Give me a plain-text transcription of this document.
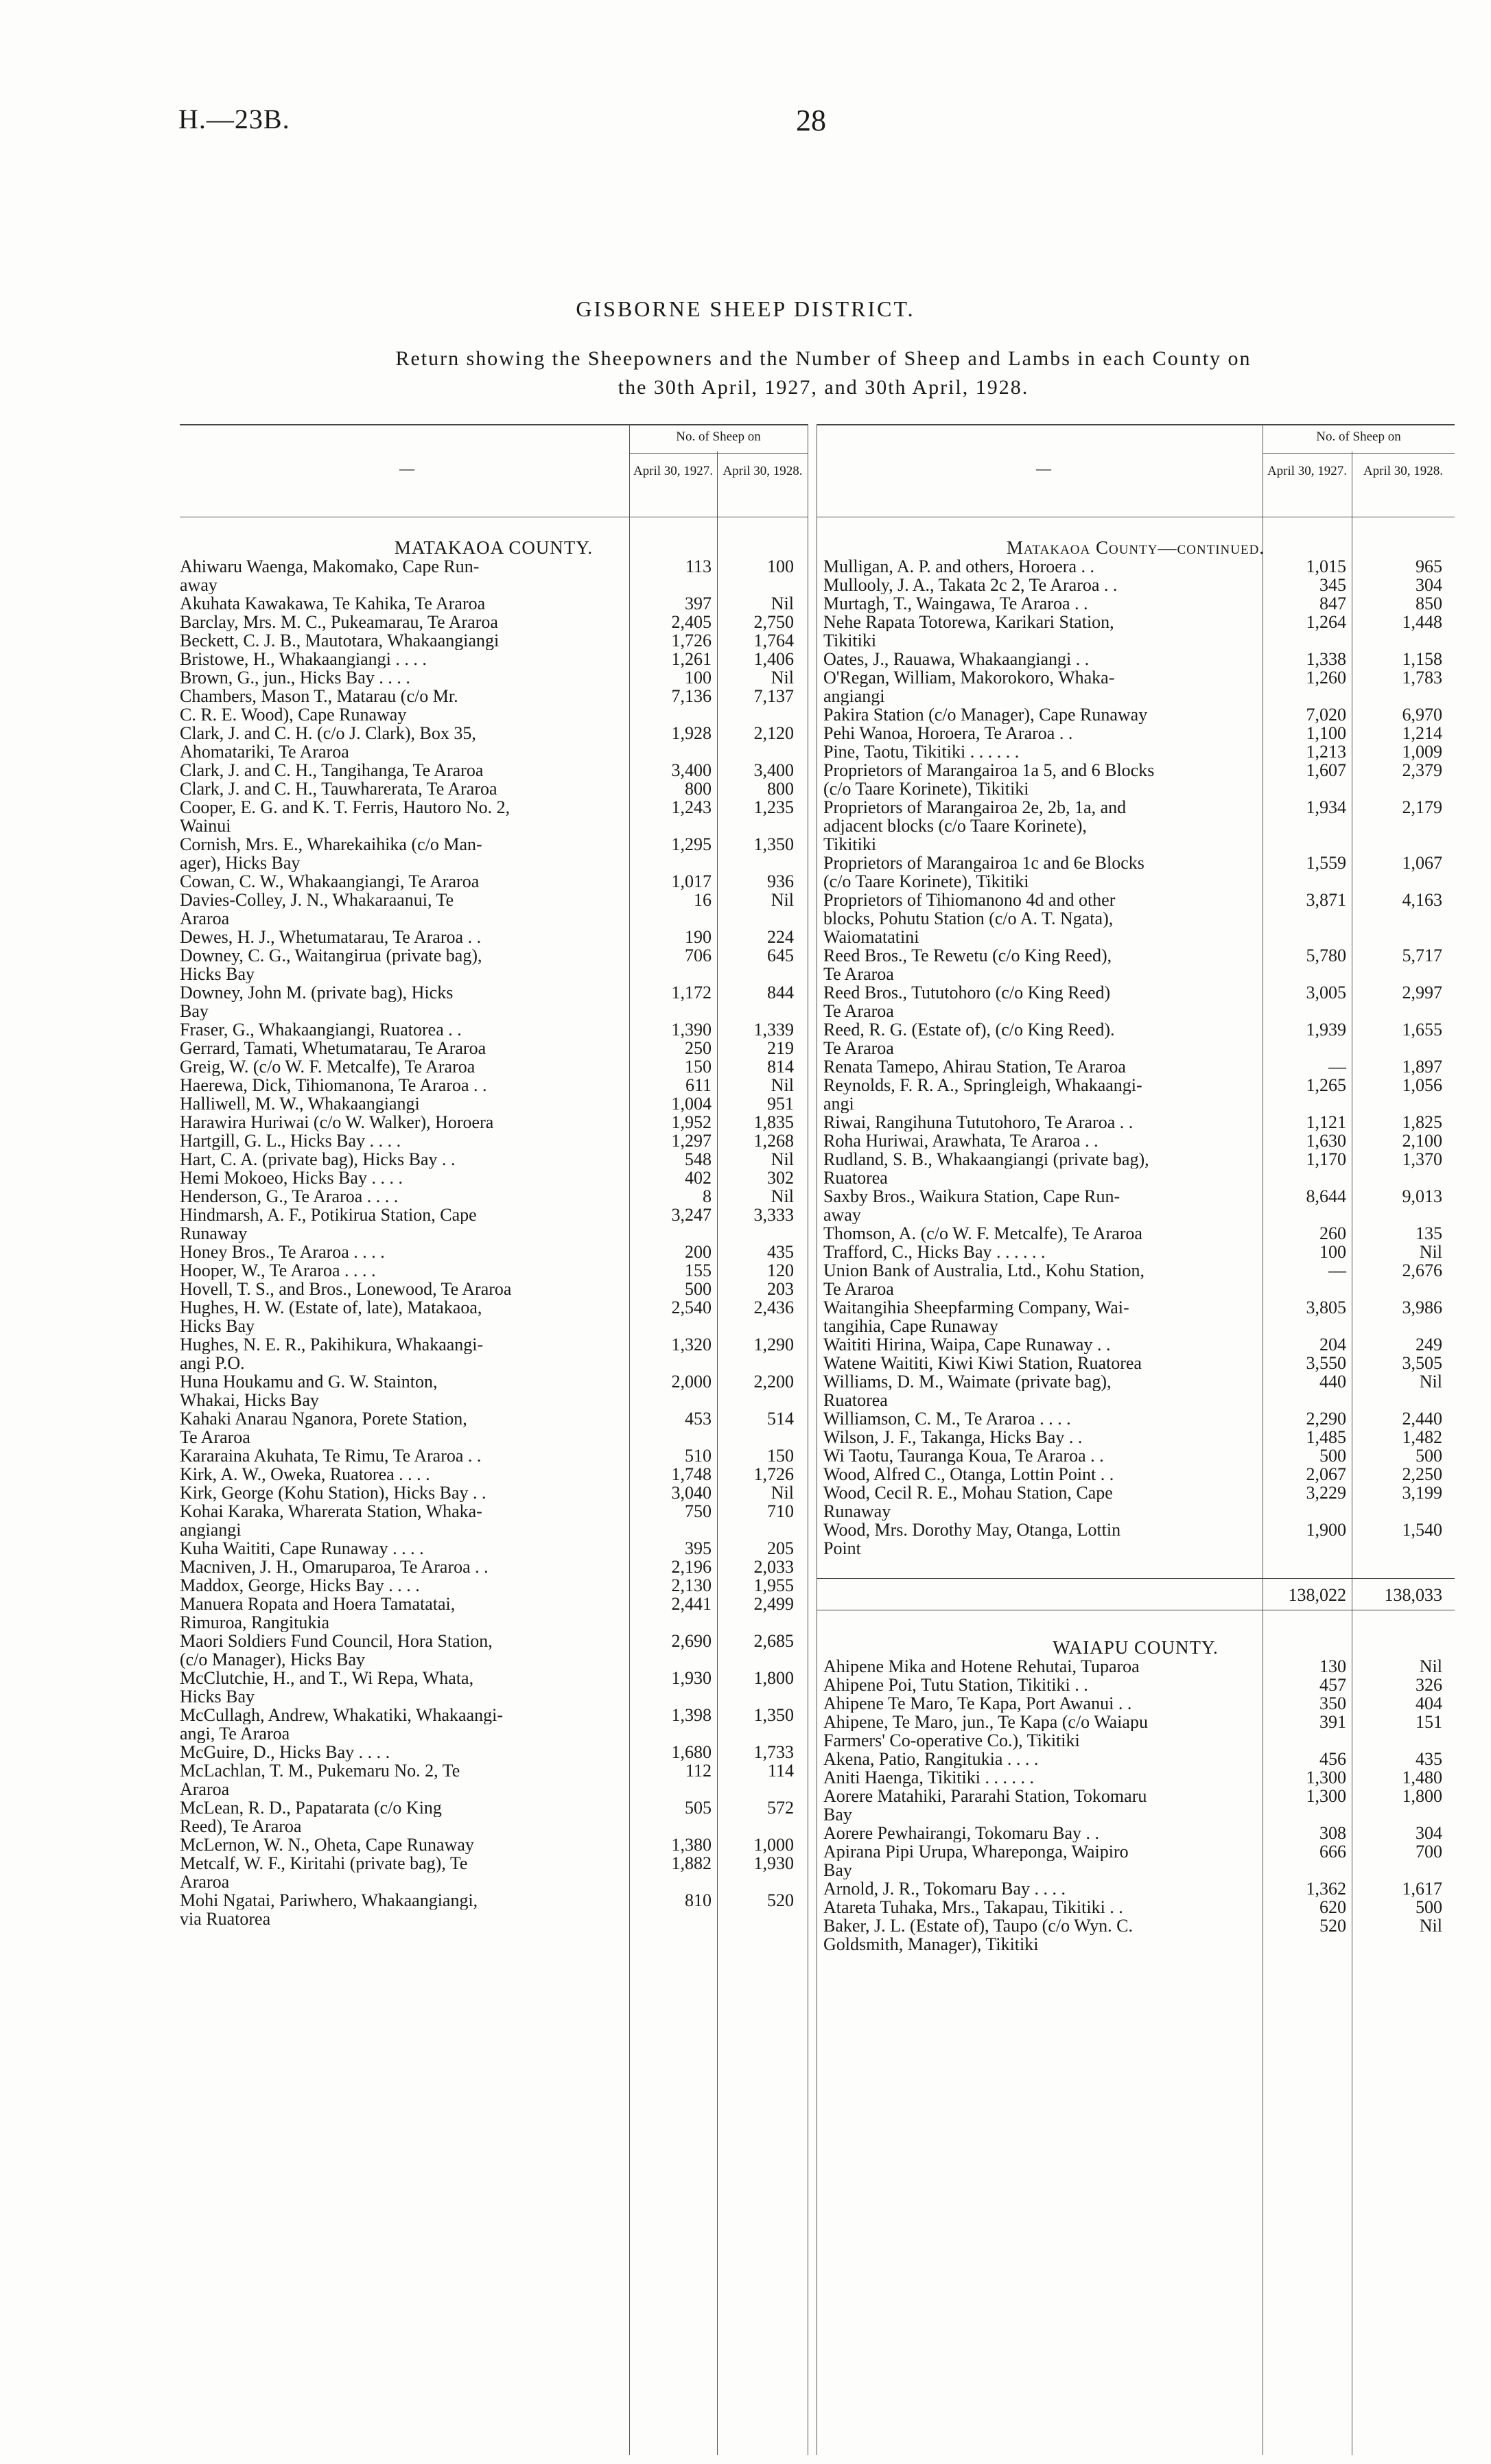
H.—23B.	28
GISBORNE SHEEP DISTRICT.
Return showing the Sheepowners and the Number of Sheep and Lambs in each County on
the 30th April, 1927, and 30th April, 1928.
No. of Sheep on
April 30, 1927. April 30, 1928.
—
MATAKAOA COUNTY.
Ahiwaru Waenga, Makomako, Cape Run-	113	100
away
Akuhata Kawakawa, Te Kahika, Te Araroa	397	Nil
Barclay, Mrs. M. C., Pukeamarau, Te Araroa	2,405	2,750
Beckett, C. J. B., Mautotara, Whakaangiangi	1,726	1,764
Bristowe, H., Whakaangiangi . . . .	1,261	1,406
Brown, G., jun., Hicks Bay . . . .	100	Nil
Chambers, Mason T., Matarau (c/o Mr.	7,136	7,137
C. R. E. Wood), Cape Runaway
Clark, J. and C. H. (c/o J. Clark), Box 35,	1,928	2,120
Ahomatariki, Te Araroa
Clark, J. and C. H., Tangihanga, Te Araroa	3,400	3,400
Clark, J. and C. H., Tauwharerata, Te Araroa	800	800
Cooper, E. G. and K. T. Ferris, Hautoro No. 2,	1,243	1,235
Wainui
Cornish, Mrs. E., Wharekaihika (c/o Man-	1,295	1,350
ager), Hicks Bay
Cowan, C. W., Whakaangiangi, Te Araroa	1,017	936
Davies-Colley, J. N., Whakaraanui, Te	16	Nil
Araroa
Dewes, H. J., Whetumatarau, Te Araroa . .	190	224
Downey, C. G., Waitangirua (private bag),	706	645
Hicks Bay
Downey, John M. (private bag), Hicks	1,172	844
Bay
Fraser, G., Whakaangiangi, Ruatorea . .	1,390	1,339
Gerrard, Tamati, Whetumatarau, Te Araroa	250	219
Greig, W. (c/o W. F. Metcalfe), Te Araroa	150	814
Haerewa, Dick, Tihiomanona, Te Araroa . .	611	Nil
Halliwell, M. W., Whakaangiangi	1,004	951
Harawira Huriwai (c/o W. Walker), Horoera	1,952	1,835
Hartgill, G. L., Hicks Bay . . . .	1,297	1,268
Hart, C. A. (private bag), Hicks Bay . .	548	Nil
Hemi Mokoeo, Hicks Bay . . . .	402	302
Henderson, G., Te Araroa . . . .	8	Nil
Hindmarsh, A. F., Potikirua Station, Cape	3,247	3,333
Runaway
Honey Bros., Te Araroa . . . .	200	435
Hooper, W., Te Araroa . . . .	155	120
Hovell, T. S., and Bros., Lonewood, Te Araroa	500	203
Hughes, H. W. (Estate of, late), Matakaoa,	2,540	2,436
Hicks Bay
Hughes, N. E. R., Pakihikura, Whakaangi-	1,320	1,290
angi P.O.
Huna Houkamu and G. W. Stainton,	2,000	2,200
Whakai, Hicks Bay
Kahaki Anarau Nganora, Porete Station,	453	514
Te Araroa
Kararaina Akuhata, Te Rimu, Te Araroa . .	510	150
Kirk, A. W., Oweka, Ruatorea . . . .	1,748	1,726
Kirk, George (Kohu Station), Hicks Bay . .	3,040	Nil
Kohai Karaka, Wharerata Station, Whaka-	750	710
angiangi
Kuha Waititi, Cape Runaway . . . .	395	205
Macniven, J. H., Omaruparoa, Te Araroa . .	2,196	2,033
Maddox, George, Hicks Bay . . . .	2,130	1,955
Manuera Ropata and Hoera Tamatatai,	2,441	2,499
Rimuroa, Rangitukia
Maori Soldiers Fund Council, Hora Station,	2,690	2,685
(c/o Manager), Hicks Bay
McClutchie, H., and T., Wi Repa, Whata,	1,930	1,800
Hicks Bay
McCullagh, Andrew, Whakatiki, Whakaangi-	1,398	1,350
angi, Te Araroa
McGuire, D., Hicks Bay . . . .	1,680	1,733
McLachlan, T. M., Pukemaru No. 2, Te	112	114
Araroa
McLean, R. D., Papatarata (c/o King	505	572
Reed), Te Araroa
McLernon, W. N., Oheta, Cape Runaway	1,380	1,000
Metcalf, W. F., Kiritahi (private bag), Te	1,882	1,930
Araroa
Mohi Ngatai, Pariwhero, Whakaangiangi,	810	520
via Ruatorea
No. of Sheep on
April 30, 1927.	April 30, 1928.
—
Matakaoa County—continued.
Mulligan, A. P. and others, Horoera . .	1,015	965
Mullooly, J. A., Takata 2c 2, Te Araroa . .	345	304
Murtagh, T., Waingawa, Te Araroa . .	847	850
Nehe Rapata Totorewa, Karikari Station,	1,264	1,448
Tikitiki
Oates, J., Rauawa, Whakaangiangi . .	1,338	1,158
O'Regan, William, Makorokoro, Whaka-	1,260	1,783
angiangi
Pakira Station (c/o Manager), Cape Runaway	7,020	6,970
Pehi Wanoa, Horoera, Te Araroa . .	1,100	1,214
Pine, Taotu, Tikitiki . . . . . .	1,213	1,009
Proprietors of Marangairoa 1a 5, and 6 Blocks	1,607	2,379
(c/o Taare Korinete), Tikitiki
Proprietors of Marangairoa 2e, 2b, 1a, and	1,934	2,179
adjacent blocks (c/o Taare Korinete),
Tikitiki
Proprietors of Marangairoa 1c and 6e Blocks	1,559	1,067
(c/o Taare Korinete), Tikitiki
Proprietors of Tihiomanono 4d and other	3,871	4,163
blocks, Pohutu Station (c/o A. T. Ngata),
Waiomatatini
Reed Bros., Te Rewetu (c/o King Reed),	5,780	5,717
Te Araroa
Reed Bros., Tututohoro (c/o King Reed)	3,005	2,997
Te Araroa
Reed, R. G. (Estate of), (c/o King Reed).	1,939	1,655
Te Araroa
Renata Tamepo, Ahirau Station, Te Araroa	—	1,897
Reynolds, F. R. A., Springleigh, Whakaangi-	1,265	1,056
angi
Riwai, Rangihuna Tututohoro, Te Araroa . .	1,121	1,825
Roha Huriwai, Arawhata, Te Araroa . .	1,630	2,100
Rudland, S. B., Whakaangiangi (private bag),	1,170	1,370
Ruatorea
Saxby Bros., Waikura Station, Cape Run-	8,644	9,013
away
Thomson, A. (c/o W. F. Metcalfe), Te Araroa	260	135
Trafford, C., Hicks Bay . . . . . .	100	Nil
Union Bank of Australia, Ltd., Kohu Station,	—	2,676
Te Araroa
Waitangihia Sheepfarming Company, Wai-	3,805	3,986
tangihia, Cape Runaway
Waititi Hirina, Waipa, Cape Runaway . .	204	249
Watene Waititi, Kiwi Kiwi Station, Ruatorea	3,550	3,505
Williams, D. M., Waimate (private bag),	440	Nil
Ruatorea
Williamson, C. M., Te Araroa . . . .	2,290	2,440
Wilson, J. F., Takanga, Hicks Bay . .	1,485	1,482
Wi Taotu, Tauranga Koua, Te Araroa . .	500	500
Wood, Alfred C., Otanga, Lottin Point . .	2,067	2,250
Wood, Cecil R. E., Mohau Station, Cape	3,229	3,199
Runaway
Wood, Mrs. Dorothy May, Otanga, Lottin	1,900	1,540
Point
138,022	138,033
WAIAPU COUNTY.
Ahipene Mika and Hotene Rehutai, Tuparoa	130	Nil
Ahipene Poi, Tutu Station, Tikitiki . .	457	326
Ahipene Te Maro, Te Kapa, Port Awanui . .	350	404
Ahipene, Te Maro, jun., Te Kapa (c/o Waiapu	391	151
Farmers' Co-operative Co.), Tikitiki
Akena, Patio, Rangitukia . . . .	456	435
Aniti Haenga, Tikitiki . . . . . .	1,300	1,480
Aorere Matahiki, Pararahi Station, Tokomaru	1,300	1,800
Bay
Aorere Pewhairangi, Tokomaru Bay . .	308	304
Apirana Pipi Urupa, Whareponga, Waipiro	666	700
Bay
Arnold, J. R., Tokomaru Bay . . . .	1,362	1,617
Atareta Tuhaka, Mrs., Takapau, Tikitiki . .	620	500
Baker, J. L. (Estate of), Taupo (c/o Wyn. C.	520	Nil
Goldsmith, Manager), Tikitiki
